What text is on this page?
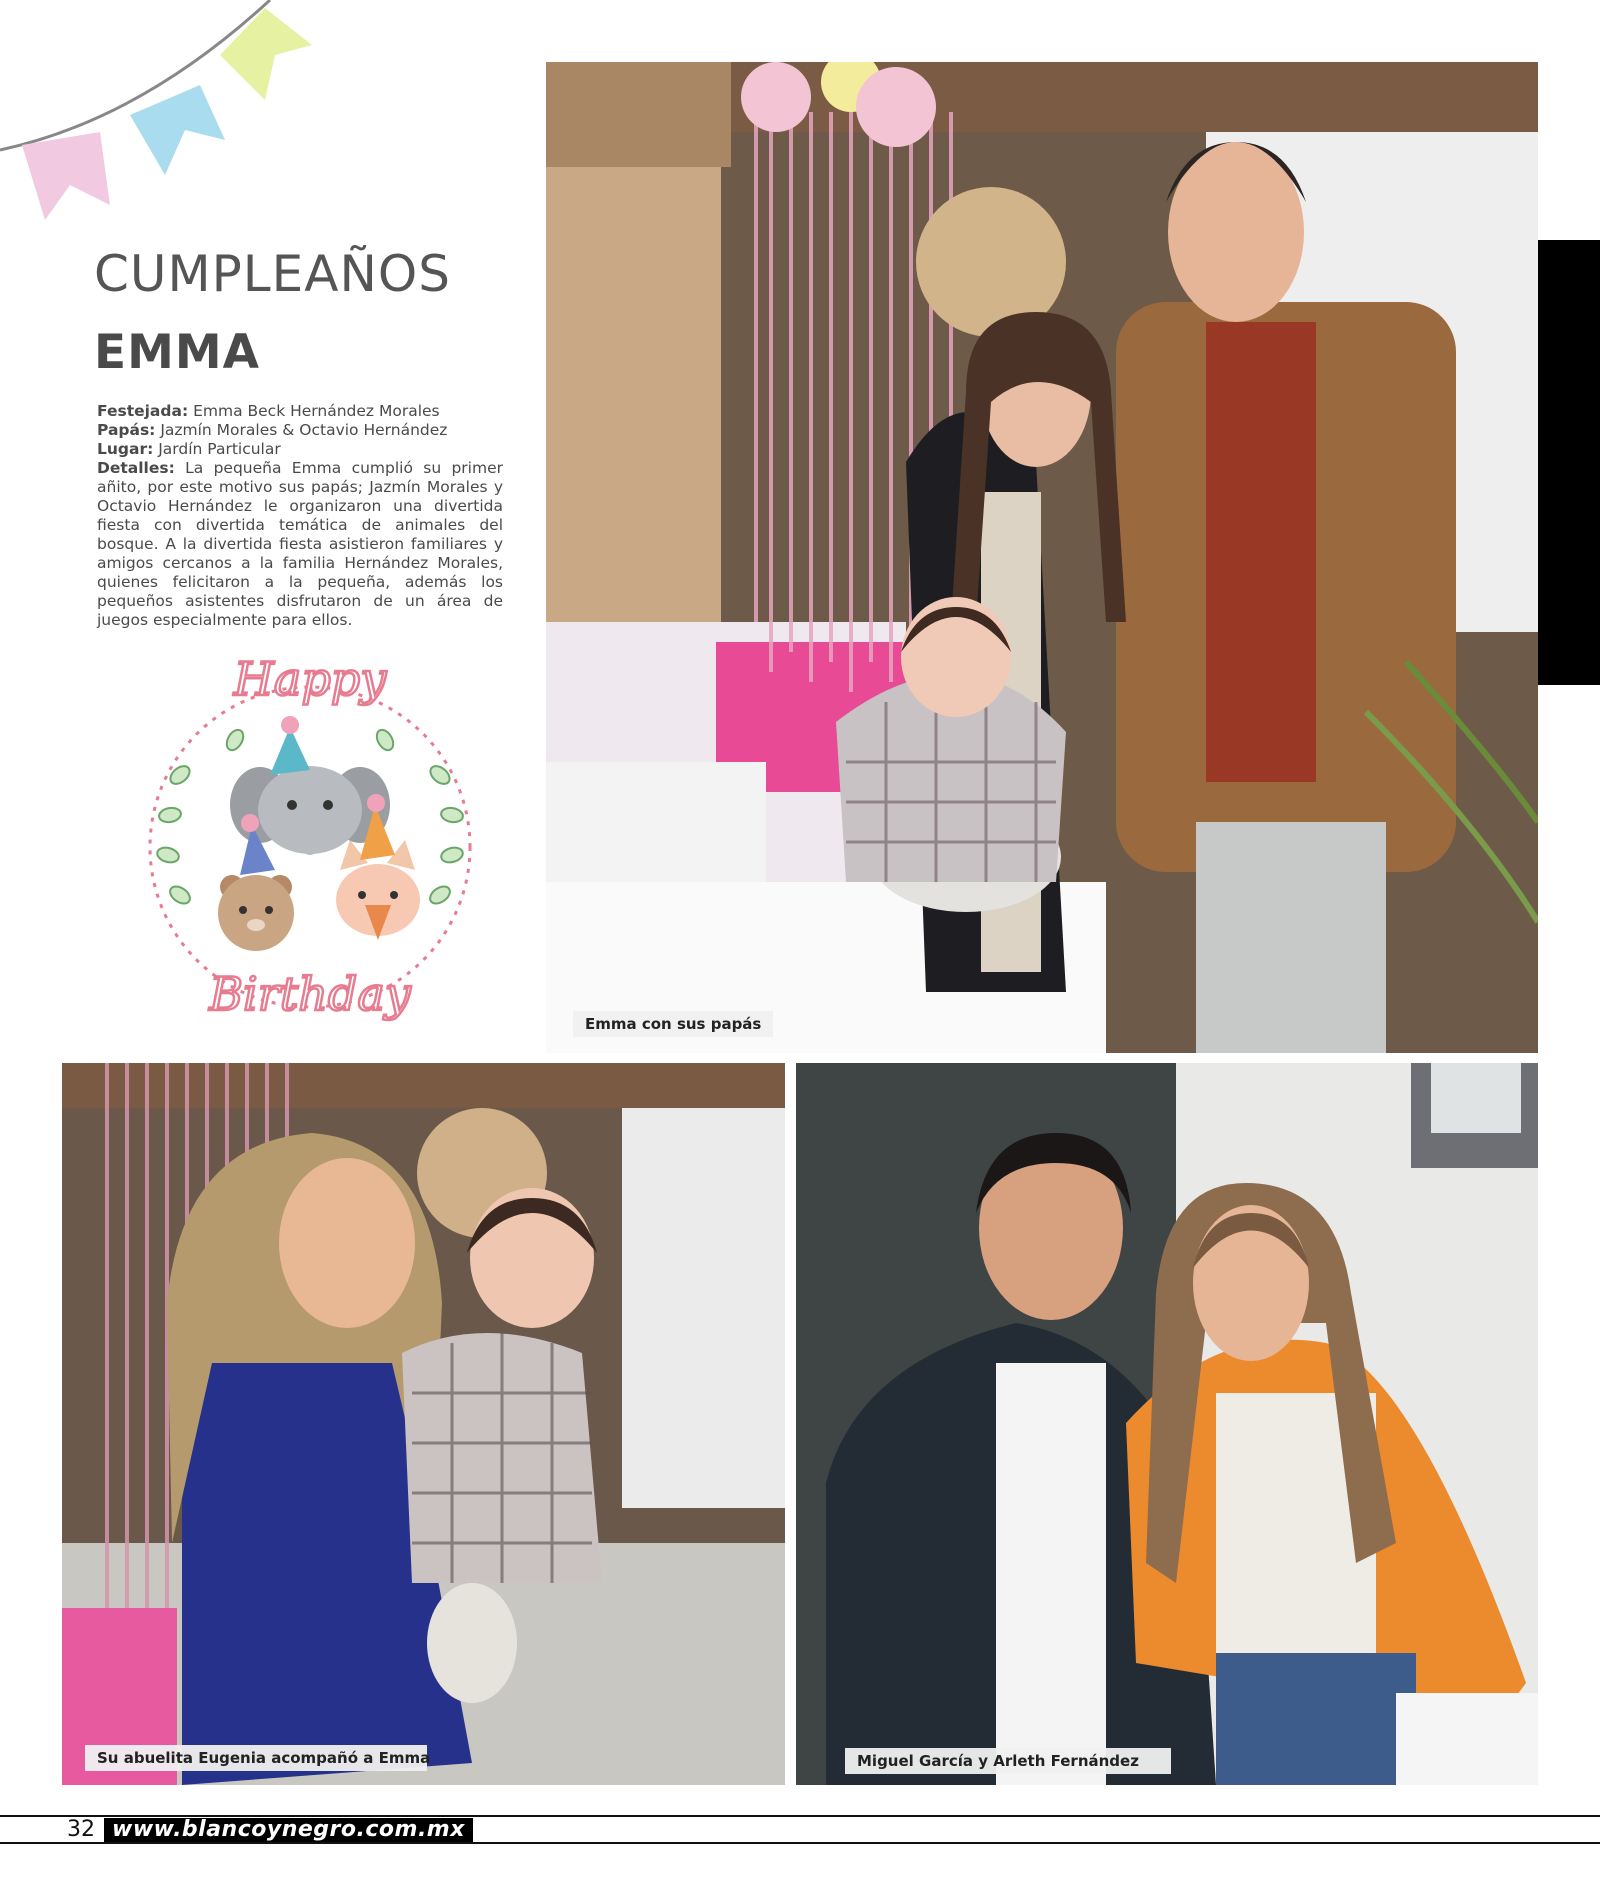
CUMPLEAÑOS
EMMA

Festejada: Emma Beck Hernández Morales

Papás: Jazmín Morales & Octavio Hernández

Lugar: Jardín Particular

Detalles: La pequeña Emma cumplió su primer añito, por este motivo sus papás; Jazmín Morales y Octavio Hernández le organizaron una divertida fiesta con divertida temática de animales del bosque. A la divertida fiesta asistieron familiares y amigos cercanos a la familia Hernández Morales, quienes felicitaron a la pequeña, además los pequeños asistentes disfrutaron de un área de juegos especialmente para ellos.

Happy
Birthday
Emma con sus papás
Su abuelita Eugenia acompañó a Emma	Miguel García y Arleth Fernández
32 www.blancoynegro.com.mx
